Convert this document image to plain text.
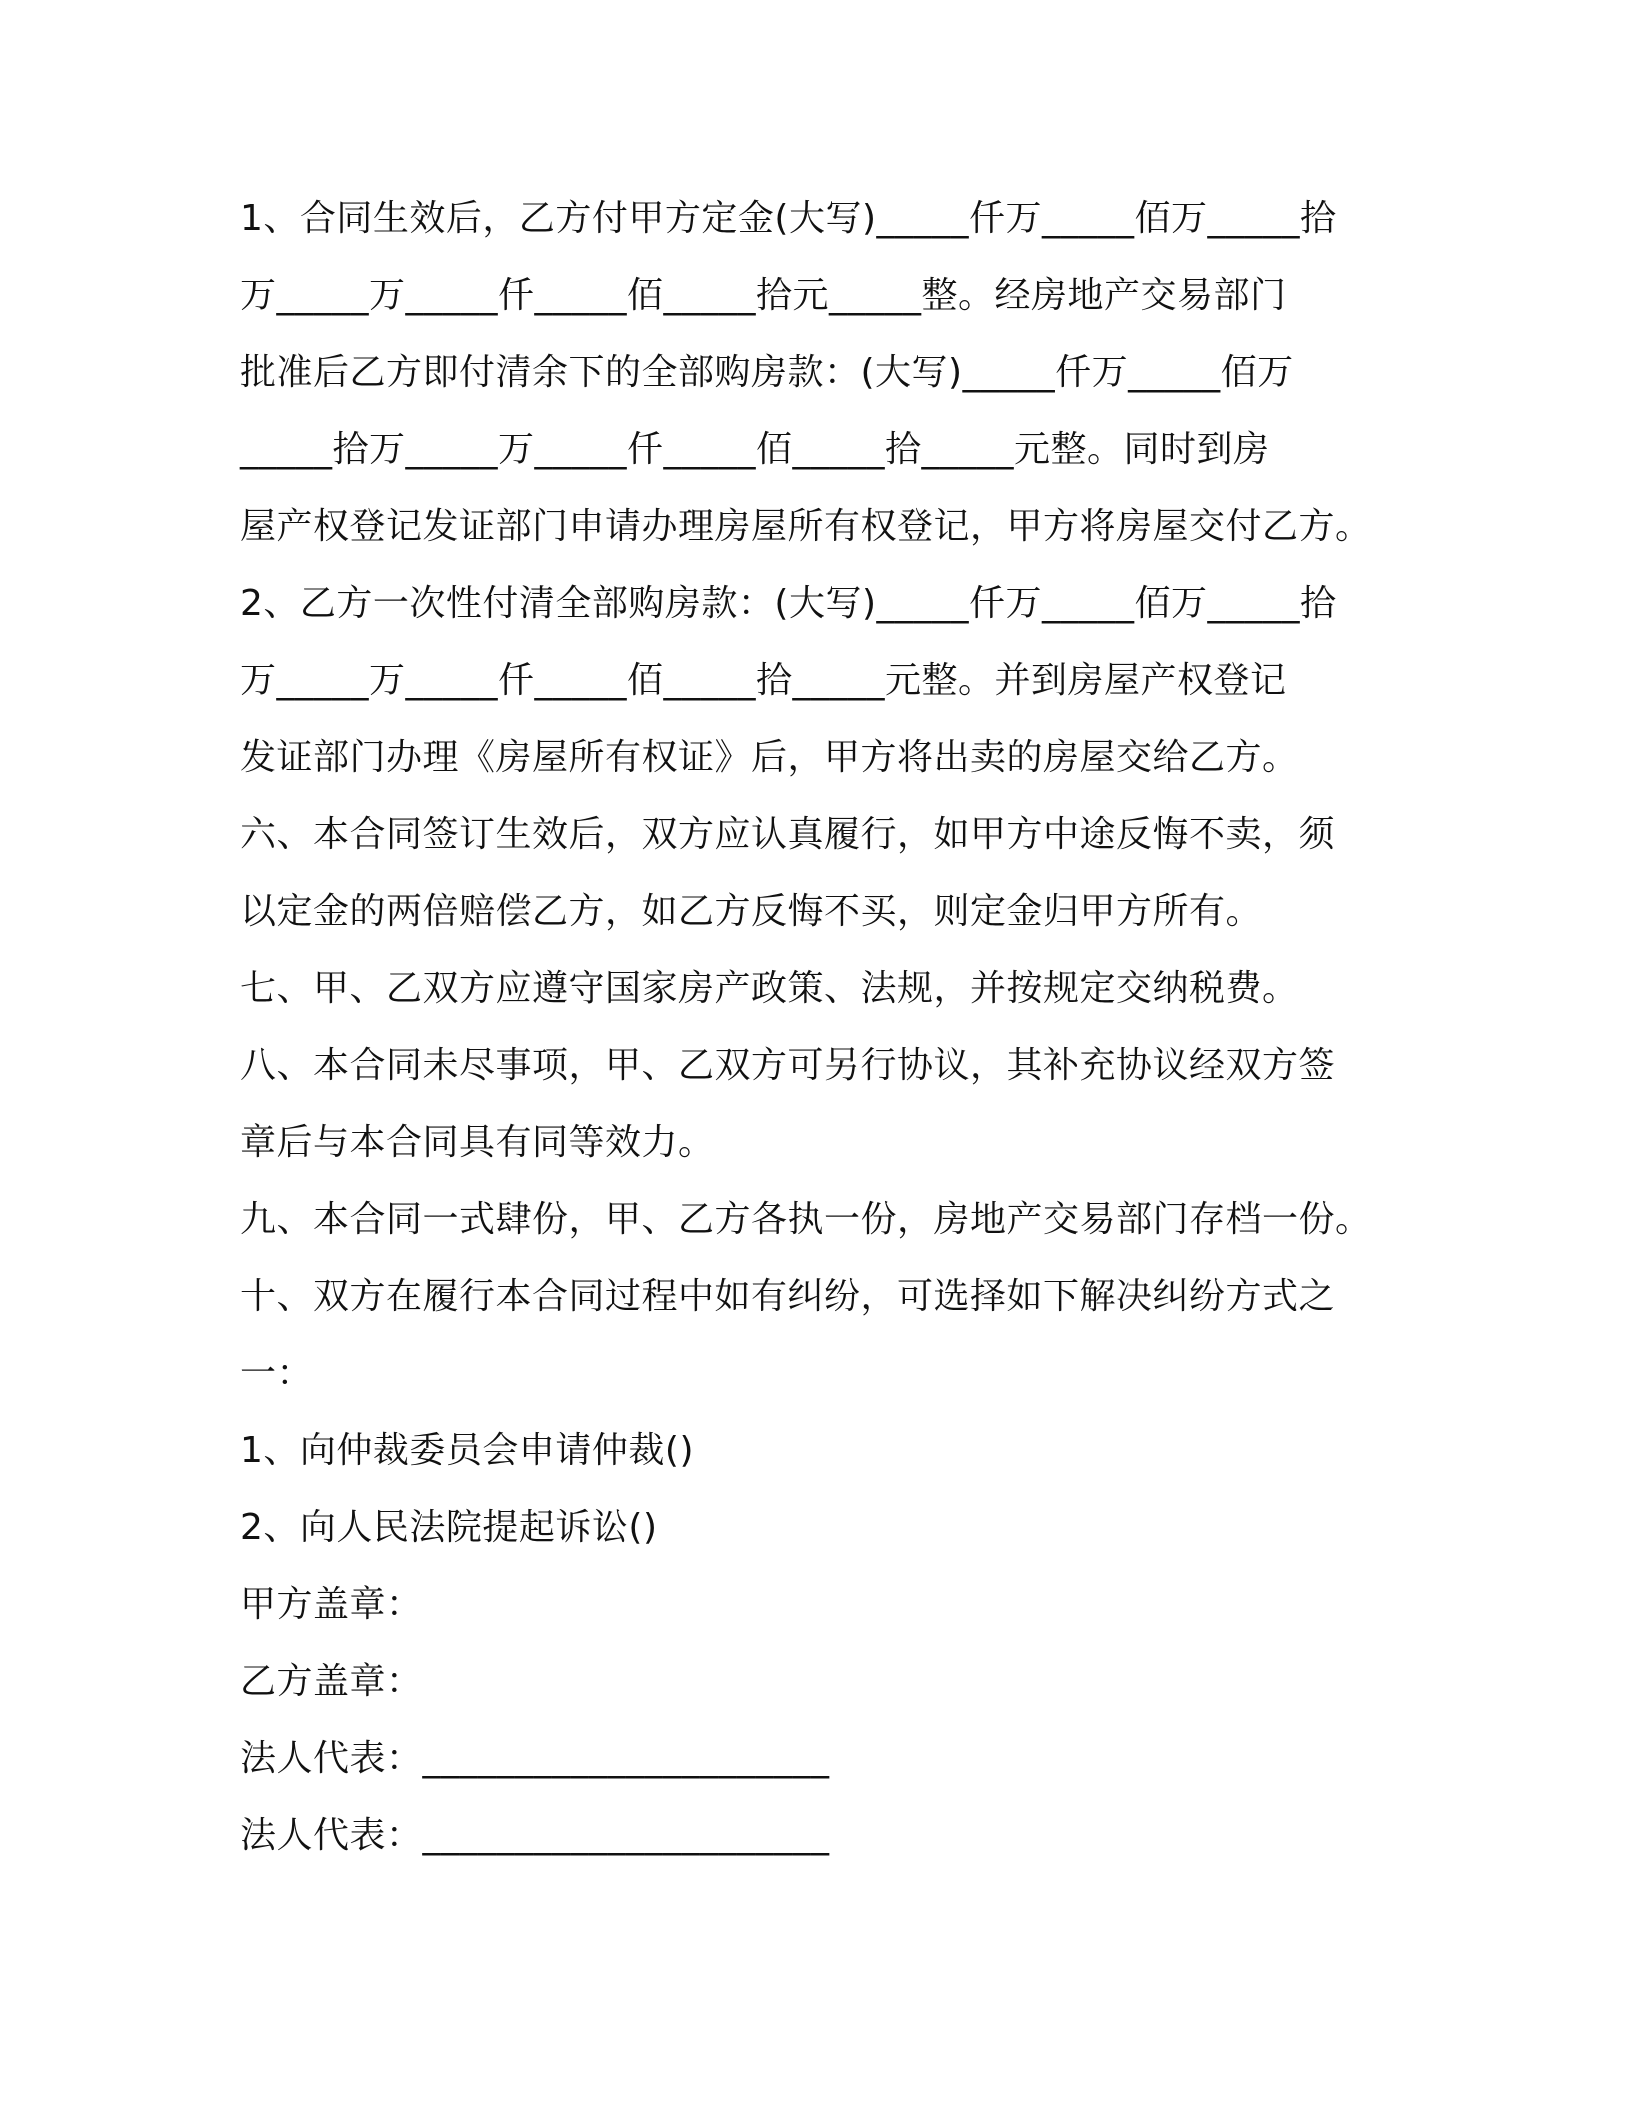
1、合同生效后，乙方付甲方定金(大写)_____仟万_____佰万_____拾
万_____万_____仟_____佰_____拾元_____整。经房地产交易部门
批准后乙方即付清余下的全部购房款：(大写)_____仟万_____佰万
_____拾万_____万_____仟_____佰_____拾_____元整。同时到房
屋产权登记发证部门申请办理房屋所有权登记，甲方将房屋交付乙方。
2、乙方一次性付清全部购房款：(大写)_____仟万_____佰万_____拾
万_____万_____仟_____佰_____拾_____元整。并到房屋产权登记
发证部门办理《房屋所有权证》后，甲方将出卖的房屋交给乙方。
六、本合同签订生效后，双方应认真履行，如甲方中途反悔不卖，须
以定金的两倍赔偿乙方，如乙方反悔不买，则定金归甲方所有。
七、甲、乙双方应遵守国家房产政策、法规，并按规定交纳税费。
八、本合同未尽事项，甲、乙双方可另行协议，其补充协议经双方签
章后与本合同具有同等效力。
九、本合同一式肆份，甲、乙方各执一份，房地产交易部门存档一份。
十、双方在履行本合同过程中如有纠纷，可选择如下解决纠纷方式之
一：
1、向仲裁委员会申请仲裁()
2、向人民法院提起诉讼()
甲方盖章：
乙方盖章：
法人代表：______________________
法人代表：______________________
